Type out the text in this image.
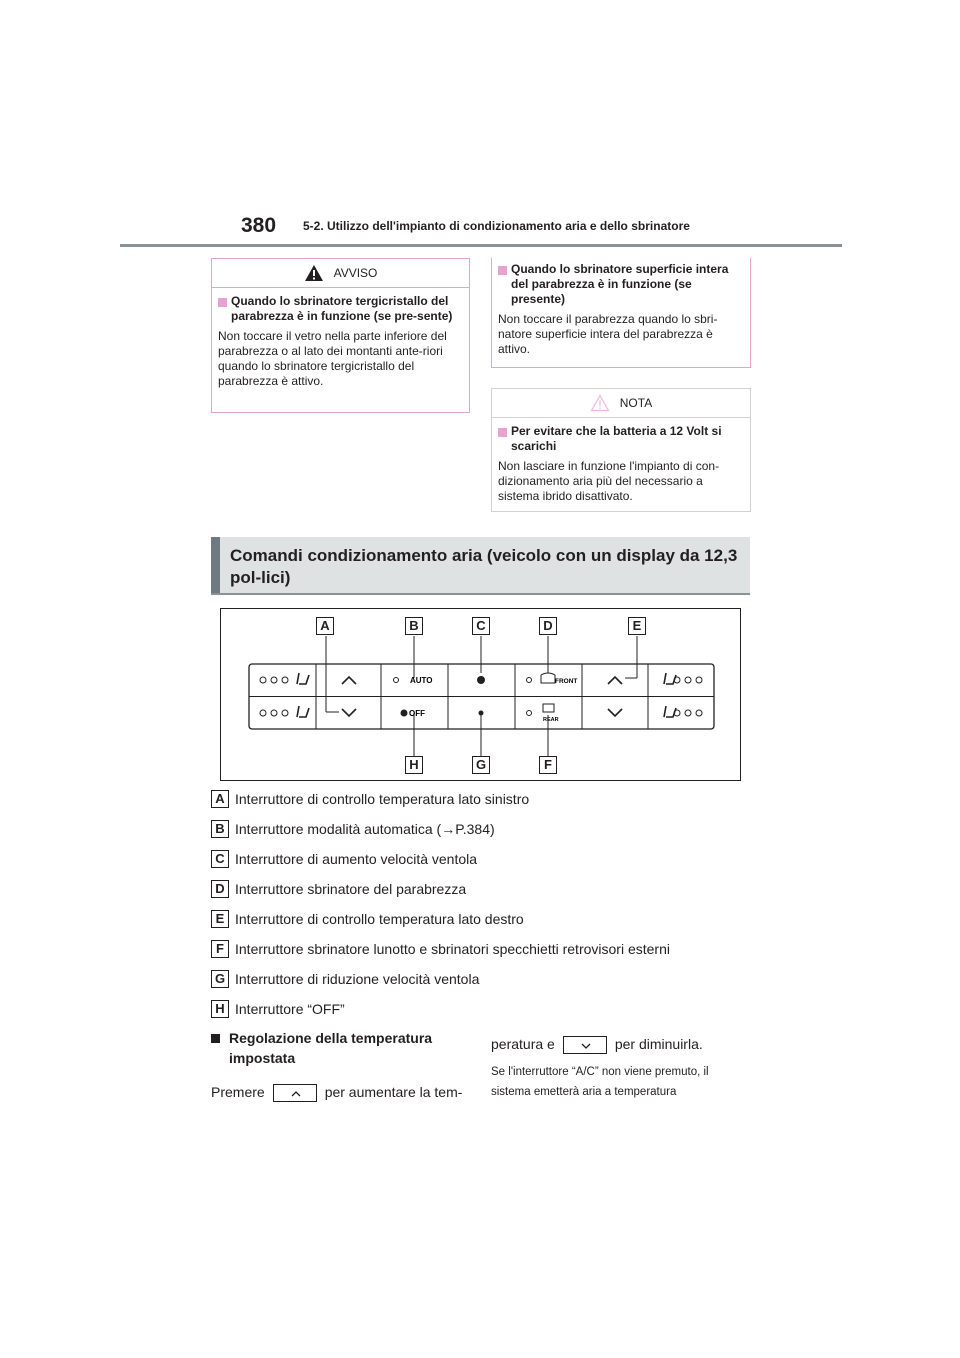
380 5-2. Utilizzo dell'impianto di condizionamento aria e dello sbrinatore
AVVISO
Quando lo sbrinatore tergicristallo del parabrezza è in funzione (se pre-sente)
Non toccare il vetro nella parte inferiore del parabrezza o al lato dei montanti ante-riori quando lo sbrinatore tergicristallo del parabrezza è attivo.
Quando lo sbrinatore superficie intera del parabrezza è in funzione (se presente)
Non toccare il parabrezza quando lo sbri-natore superficie intera del parabrezza è attivo.
NOTA
Per evitare che la batteria a 12 Volt si scarichi
Non lasciare in funzione l'impianto di con-dizionamento aria più del necessario a sistema ibrido disattivato.
Comandi condizionamento aria (veicolo con un display da 12,3 pol-lici)
AUTO
OFF
FRONT
REAR
A	B	C	D	E
H	G	F
A Interruttore di controllo temperatura lato sinistro
B Interruttore modalità automatica (→P.384)
C Interruttore di aumento velocità ventola
D Interruttore sbrinatore del parabrezza
E Interruttore di controllo temperatura lato destro
F Interruttore sbrinatore lunotto e sbrinatori specchietti retrovisori esterni
G Interruttore di riduzione velocità ventola
H Interruttore “OFF”
Regolazione della temperatura impostata
Premere	per aumentare la tem-
peratura e	per diminuirla.
Se l'interruttore “A/C” non viene premuto, il sistema emetterà aria a temperatura
